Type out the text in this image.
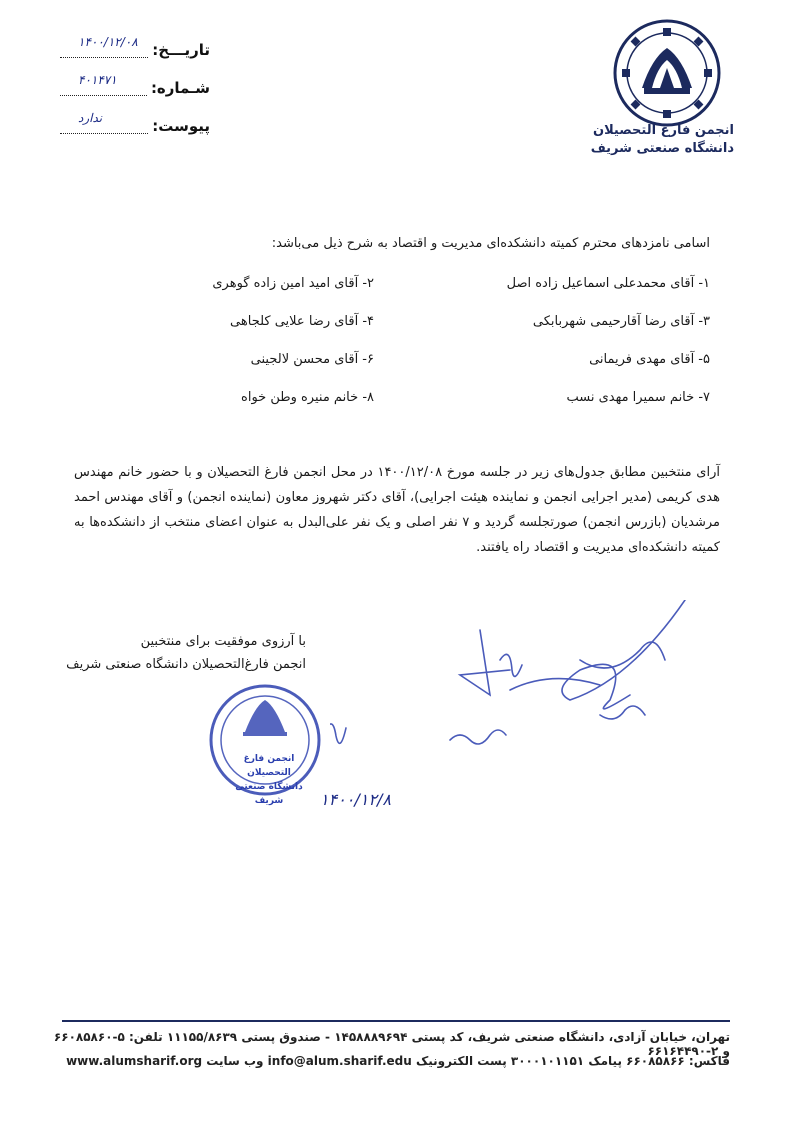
انجمن فارغ التحصیلان
دانشگاه صنعتی شریف
تاریـــخ:
۱۴۰۰/۱۲/۰۸
شـماره:
۴۰۱۴۷۱
پیوست:
ندارد
اسامی نامزدهای محترم کمیته دانشکده‌ای مدیریت و اقتصاد به شرح ذیل می‌باشد:
۱- آقای محمدعلی اسماعیل زاده اصل
۲- آقای امید امین زاده گوهری
۳- آقای رضا آقارحیمی شهربابکی
۴- آقای رضا علایی کلجاهی
۵- آقای مهدی فریمانی
۶- آقای محسن لالجینی
۷- خانم سمیرا مهدی نسب
۸- خانم منیره وطن خواه
آرای منتخبین مطابق جدول‌های زیر در جلسه مورخ ۱۴۰۰/۱۲/۰۸ در محل انجمن فارغ التحصیلان و با حضور خانم مهندس هدی کریمی (مدیر اجرایی انجمن و نماینده هیئت اجرایی)، آقای دکتر شهروز معاون (نماینده انجمن) و آقای مهندس احمد مرشدیان (بازرس انجمن) صورتجلسه گردید و ۷ نفر اصلی و یک نفر علی‌البدل به عنوان اعضای منتخب از دانشکده‌ها به کمیته دانشکده‌ای مدیریت و اقتصاد راه یافتند.
با آرزوی موفقیت برای منتخبین
انجمن فارغ‌التحصیلان دانشگاه صنعتی شریف
انجمن فارغ التحصیلان
دانشگاه صنعتی شریف	۱۴۰۰/۱۲/۸
تهران، خیابان آزادی، دانشگاه صنعتی شریف، کد پستی ۱۴۵۸۸۸۹۶۹۴ - صندوق پستی ۱۱۱۵۵/۸۶۳۹ تلفن: ۵-۶۶۰۸۵۸۶۰ و ۲-۶۶۱۶۴۴۹۰
فاکس: ۶۶۰۸۵۸۶۶ پیامک ۳۰۰۰۱۰۱۱۵۱ پست الکترونیک info@alum.sharif.edu وب سایت www.alumsharif.org
